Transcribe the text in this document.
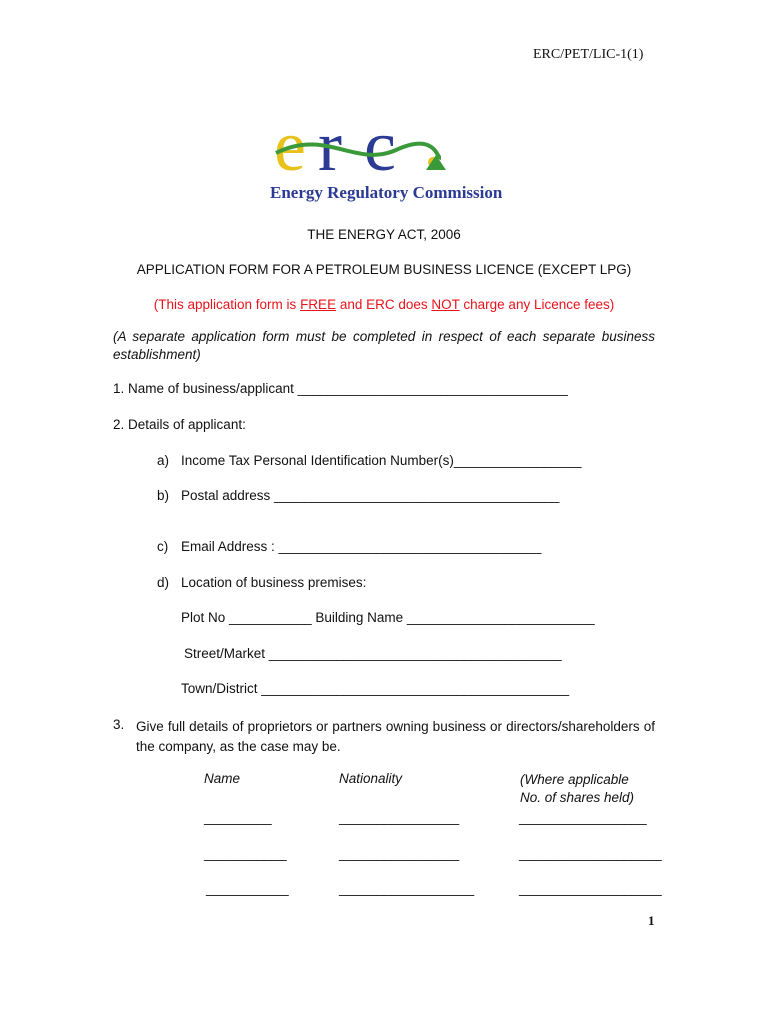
ERC/PET/LIC-1(1)
e r c
Energy Regulatory Commission
THE ENERGY ACT, 2006
APPLICATION FORM FOR A PETROLEUM BUSINESS LICENCE (EXCEPT LPG)
(This application form is FREE and ERC does NOT charge any Licence fees)
(A separate application form must be completed in respect of each separate business establishment)
1. Name of business/applicant ____________________________________
2. Details of applicant:
a) Income Tax Personal Identification Number(s)_________________
b) Postal address ______________________________________
c) Email Address : ___________________________________
d) Location of business premises:
Plot No ___________ Building Name _________________________
Street/Market _______________________________________
Town/District _________________________________________
3. Give full details of proprietors or partners owning business or directors/shareholders of the company, as the case may be.
Name	Nationality	(Where applicable No. of shares held)
_________	________________	_________________
___________	________________	___________________
___________	__________________	___________________
1
